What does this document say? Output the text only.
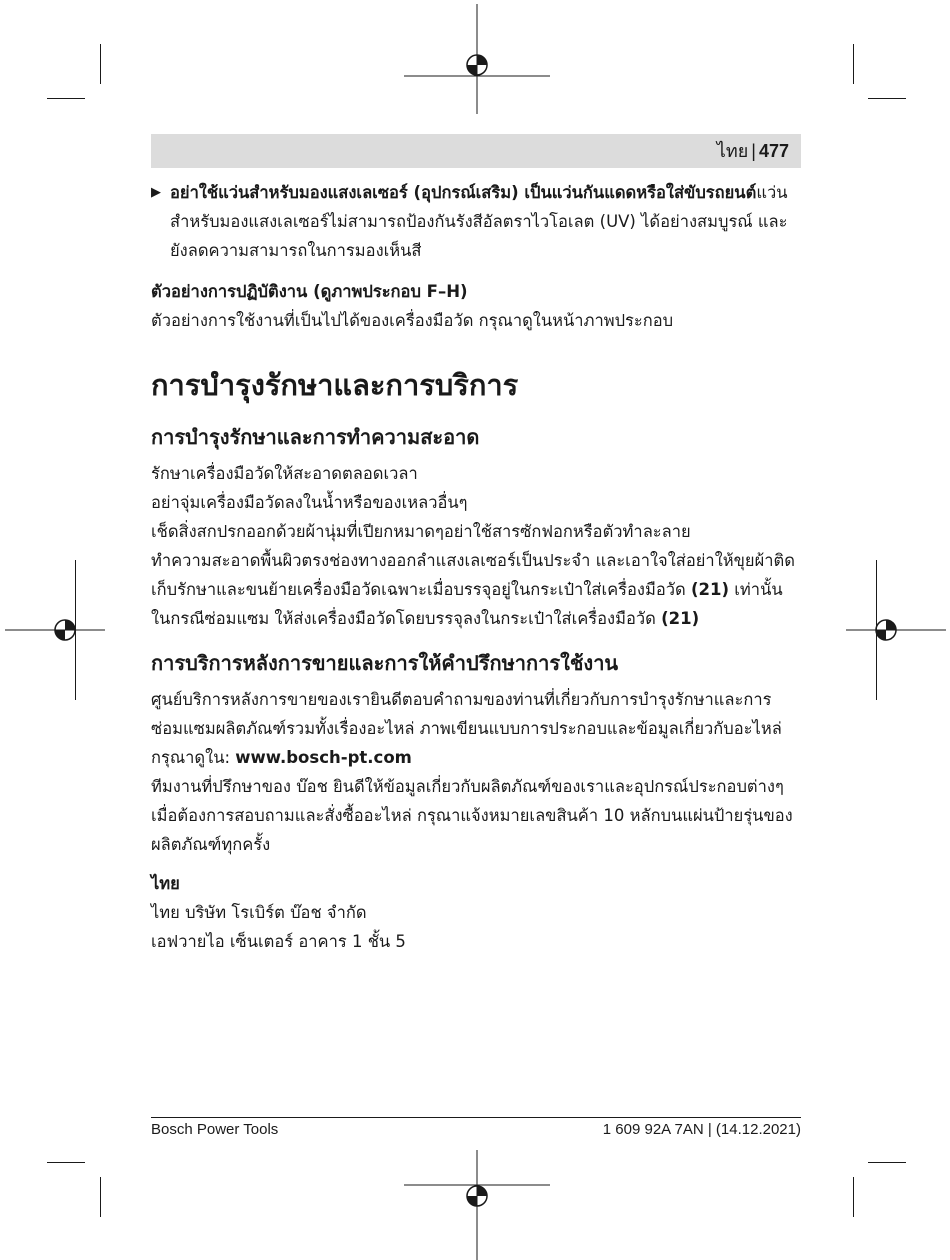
ไทย | 477
▶ อย่าใช้แว่นสำหรับมองแสงเลเซอร์ (อุปกรณ์เสริม) เป็นแว่นกันแดดหรือใส่ขับรถยนต์แว่นสำหรับมองแสงเลเซอร์ไม่สามารถป้องกันรังสีอัลตราไวโอเลต (UV) ได้อย่างสมบูรณ์ และยังลดความสามารถในการมองเห็นสี

ตัวอย่างการปฏิบัติงาน (ดูภาพประกอบ F–H)

ตัวอย่างการใช้งานที่เป็นไปได้ของเครื่องมือวัด กรุณาดูในหน้าภาพประกอบ

การบำรุงรักษาและการบริการ
การบำรุงรักษาและการทำความสะอาด

รักษาเครื่องมือวัดให้สะอาดตลอดเวลา

อย่าจุ่มเครื่องมือวัดลงในน้ำหรือของเหลวอื่นๆ

เช็ดสิ่งสกปรกออกด้วยผ้านุ่มที่เปียกหมาดๆอย่าใช้สารซักฟอกหรือตัวทำละลาย

ทำความสะอาดพื้นผิวตรงช่องทางออกลำแสงเลเซอร์เป็นประจำ และเอาใจใส่อย่าให้ขุยผ้าติด

เก็บรักษาและขนย้ายเครื่องมือวัดเฉพาะเมื่อบรรจุอยู่ในกระเป๋าใส่เครื่องมือวัด (21) เท่านั้น

ในกรณีซ่อมแซม ให้ส่งเครื่องมือวัดโดยบรรจุลงในกระเป๋าใส่เครื่องมือวัด (21)

การบริการหลังการขายและการให้คำปรึกษาการใช้งาน

ศูนย์บริการหลังการขายของเรายินดีตอบคำถามของท่านที่เกี่ยวกับการบำรุงรักษาและการซ่อมแซมผลิตภัณฑ์รวมทั้งเรื่องอะไหล่ ภาพเขียนแบบการประกอบและข้อมูลเกี่ยวกับอะไหล่ กรุณาดูใน: www.bosch-pt.com

ทีมงานที่ปรึกษาของ บ๊อช ยินดีให้ข้อมูลเกี่ยวกับผลิตภัณฑ์ของเราและอุปกรณ์ประกอบต่างๆ

เมื่อต้องการสอบถามและสั่งซื้ออะไหล่ กรุณาแจ้งหมายเลขสินค้า 10 หลักบนแผ่นป้ายรุ่นของผลิตภัณฑ์ทุกครั้ง

ไทย

ไทย บริษัท โรเบิร์ต บ๊อช จำกัด

เอฟวายไอ เซ็นเตอร์ อาคาร 1 ชั้น 5

Bosch Power Tools	1 609 92A 7AN | (14.12.2021)
